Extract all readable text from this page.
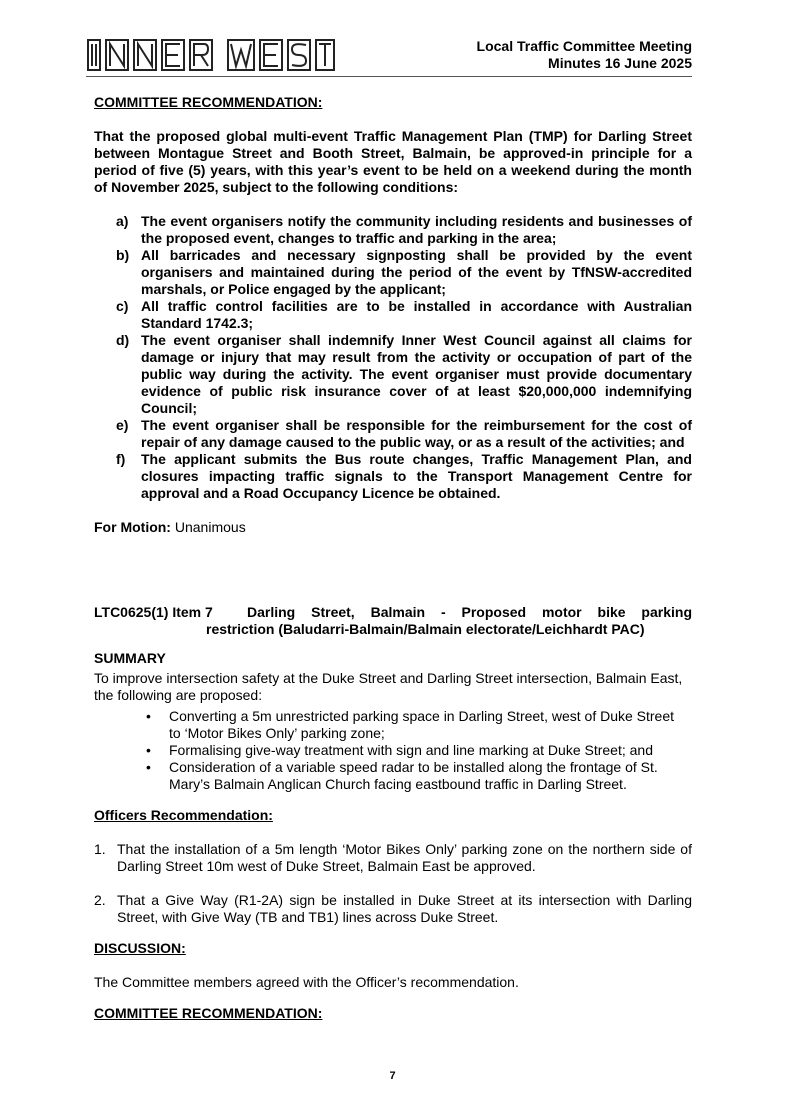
Local Traffic Committee Meeting
Minutes 16 June 2025

COMMITTEE RECOMMENDATION:

That the proposed global multi-event Traffic Management Plan (TMP) for Darling Street between Montague Street and Booth Street, Balmain, be approved-in principle for a period of five (5) years, with this year’s event to be held on a weekend during the month of November 2025, subject to the following conditions:

a) The event organisers notify the community including residents and businesses of the proposed event, changes to traffic and parking in the area;
b) All barricades and necessary signposting shall be provided by the event organisers and maintained during the period of the event by TfNSW-accredited marshals, or Police engaged by the applicant;
c) All traffic control facilities are to be installed in accordance with Australian Standard 1742.3;
d) The event organiser shall indemnify Inner West Council against all claims for damage or injury that may result from the activity or occupation of part of the public way during the activity. The event organiser must provide documentary evidence of public risk insurance cover of at least $20,000,000 indemnifying Council;
e) The event organiser shall be responsible for the reimbursement for the cost of repair of any damage caused to the public way, or as a result of the activities; and
f) The applicant submits the Bus route changes, Traffic Management Plan, and closures impacting traffic signals to the Transport Management Centre for approval and a Road Occupancy Licence be obtained.

For Motion: Unanimous

LTC0625(1) Item 7	Darling Street, Balmain - Proposed motor bike parking
restriction (Baludarri-Balmain/Balmain electorate/Leichhardt PAC)

SUMMARY

To improve intersection safety at the Duke Street and Darling Street intersection, Balmain East, the following are proposed:

• Converting a 5m unrestricted parking space in Darling Street, west of Duke Street to ‘Motor Bikes Only’ parking zone;
• Formalising give-way treatment with sign and line marking at Duke Street; and
• Consideration of a variable speed radar to be installed along the frontage of St. Mary’s Balmain Anglican Church facing eastbound traffic in Darling Street.

Officers Recommendation:

1. That the installation of a 5m length ‘Motor Bikes Only’ parking zone on the northern side of Darling Street 10m west of Duke Street, Balmain East be approved.
2. That a Give Way (R1-2A) sign be installed in Duke Street at its intersection with Darling Street, with Give Way (TB and TB1) lines across Duke Street.

DISCUSSION:

The Committee members agreed with the Officer’s recommendation.

COMMITTEE RECOMMENDATION:

7
